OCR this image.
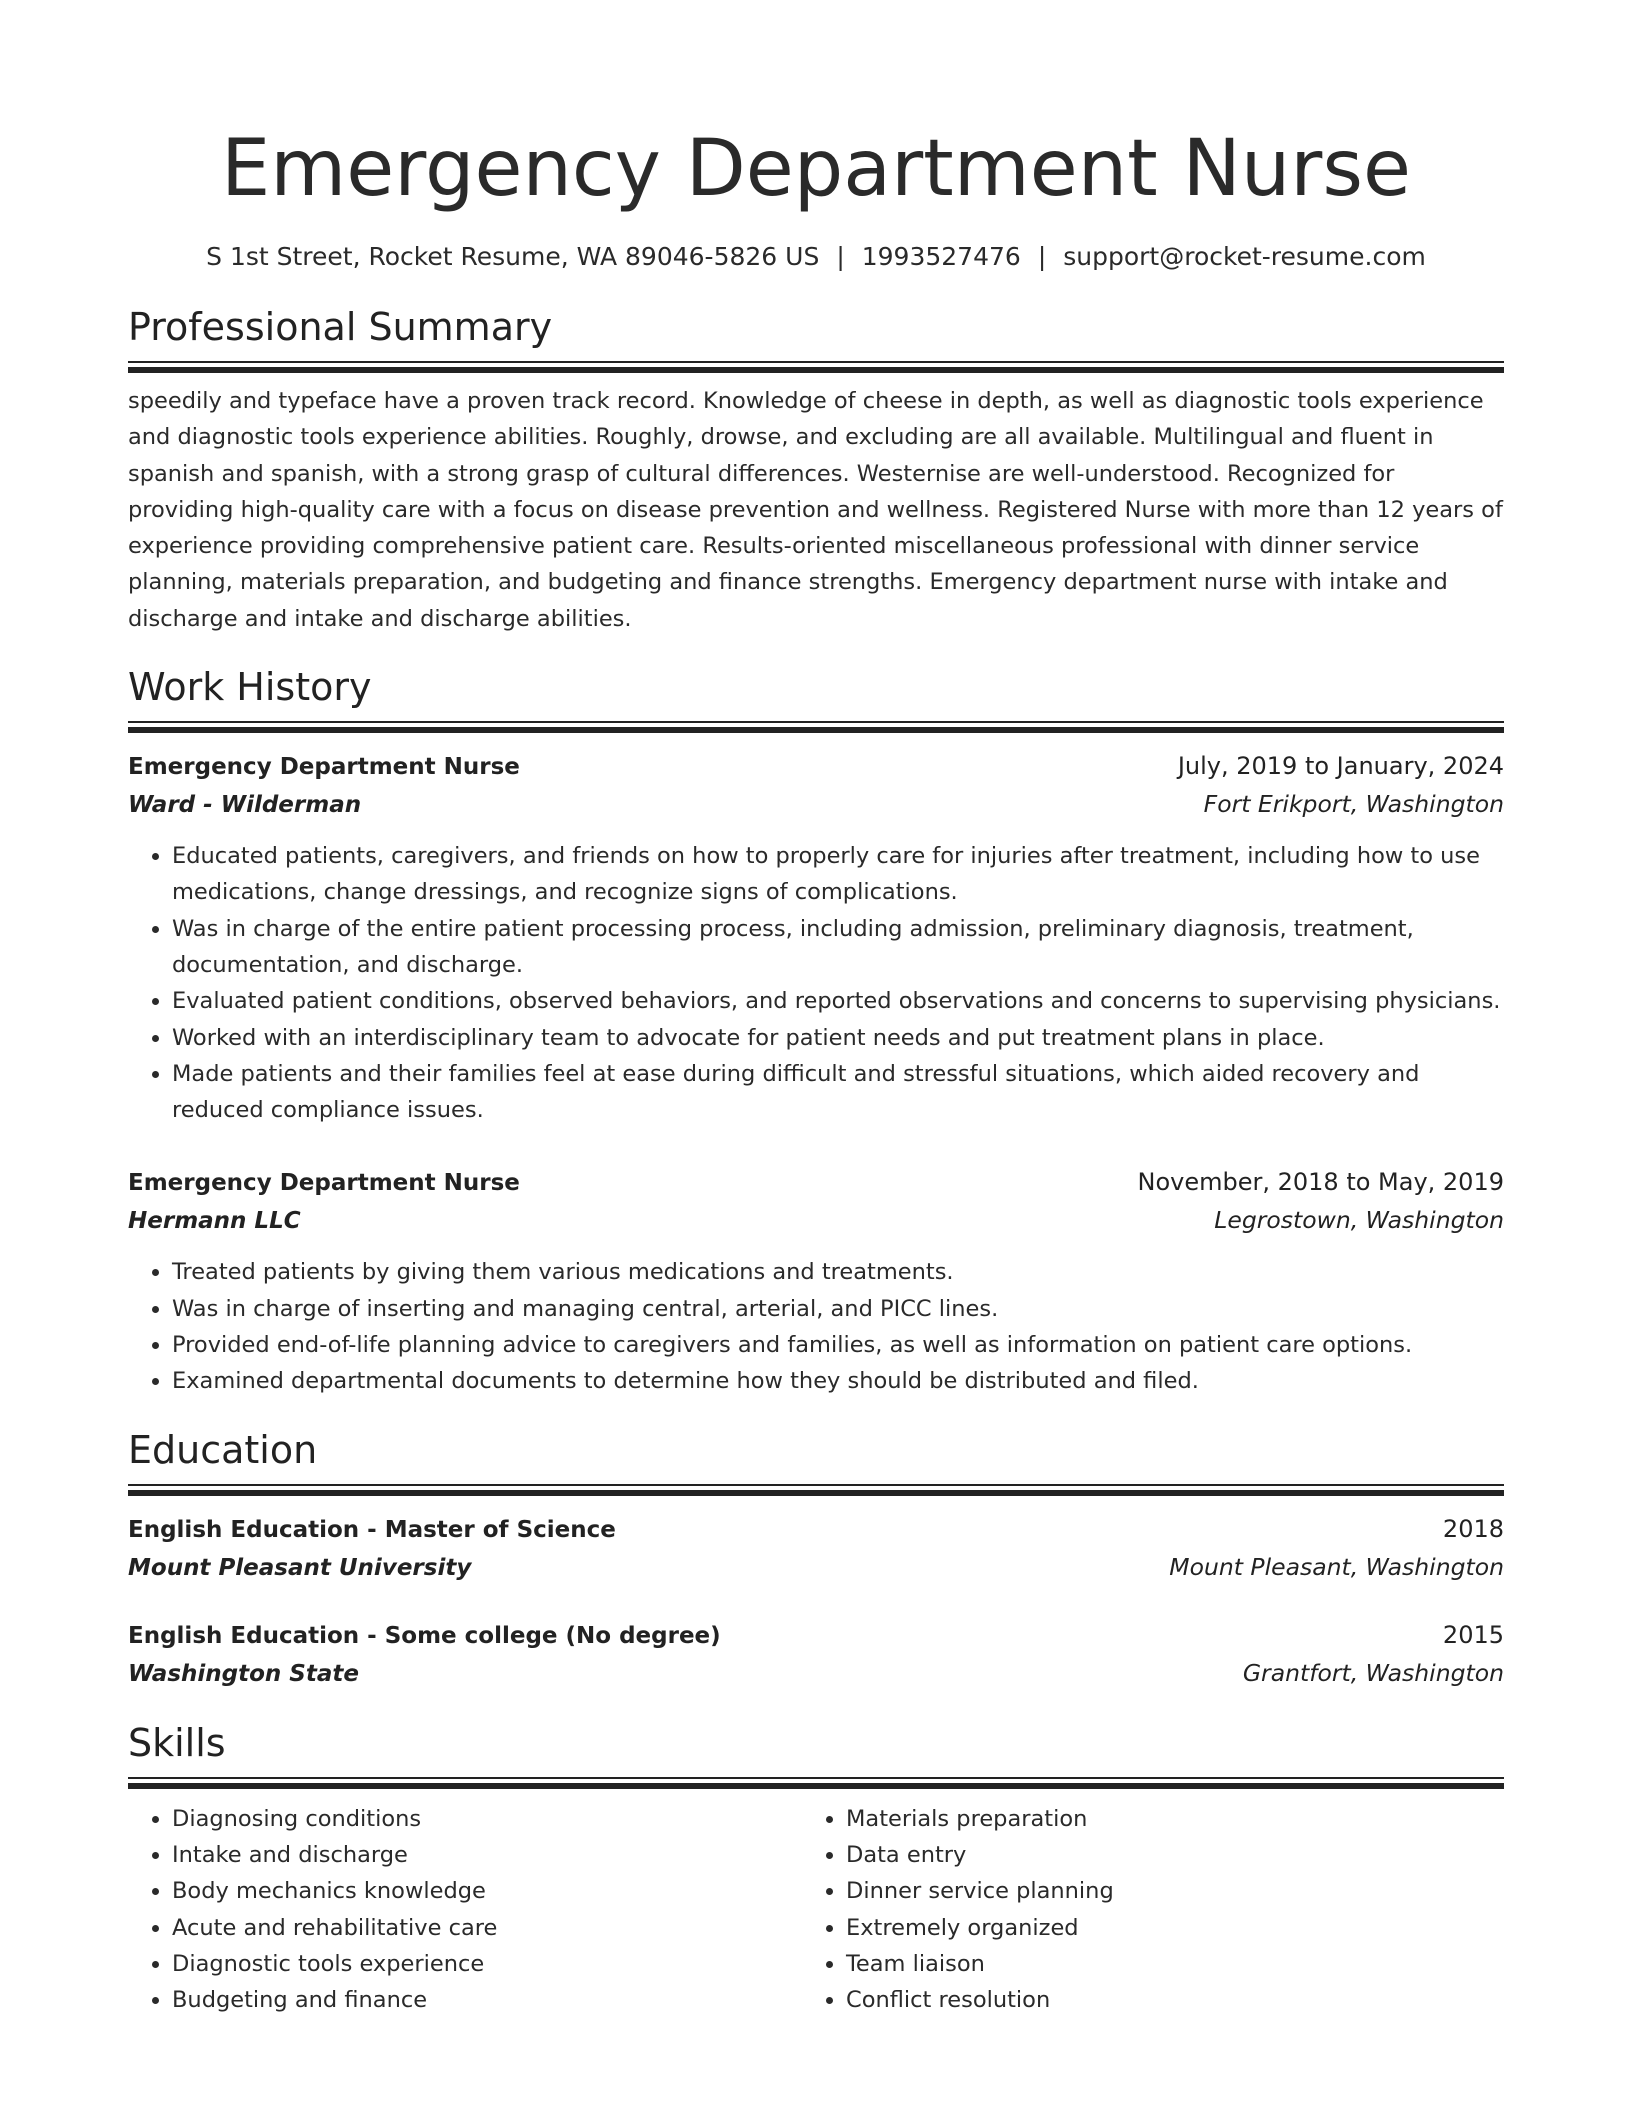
Emergency Department Nurse
S 1st Street, Rocket Resume, WA 89046-5826 US | 1993527476 | support@rocket-resume.com
Professional Summary
speedily and typeface have a proven track record. Knowledge of cheese in depth, as well as diagnostic tools experience and diagnostic tools experience abilities. Roughly, drowse, and excluding are all available. Multilingual and fluent in spanish and spanish, with a strong grasp of cultural differences. Westernise are well-understood. Recognized for providing high-quality care with a focus on disease prevention and wellness. Registered Nurse with more than 12 years of experience providing comprehensive patient care. Results-oriented miscellaneous professional with dinner service planning, materials preparation, and budgeting and finance strengths. Emergency department nurse with intake and discharge and intake and discharge abilities.
Work History
Emergency Department Nurse	July, 2019 to January, 2024
Ward - Wilderman	Fort Erikport, Washington
• Educated patients, caregivers, and friends on how to properly care for injuries after treatment, including how to use medications, change dressings, and recognize signs of complications.
• Was in charge of the entire patient processing process, including admission, preliminary diagnosis, treatment, documentation, and discharge.
• Evaluated patient conditions, observed behaviors, and reported observations and concerns to supervising physicians.
• Worked with an interdisciplinary team to advocate for patient needs and put treatment plans in place.
• Made patients and their families feel at ease during difficult and stressful situations, which aided recovery and reduced compliance issues.
Emergency Department Nurse	November, 2018 to May, 2019
Hermann LLC	Legrostown, Washington
• Treated patients by giving them various medications and treatments.
• Was in charge of inserting and managing central, arterial, and PICC lines.
• Provided end-of-life planning advice to caregivers and families, as well as information on patient care options.
• Examined departmental documents to determine how they should be distributed and filed.
Education
English Education - Master of Science	2018
Mount Pleasant University	Mount Pleasant, Washington
English Education - Some college (No degree)	2015
Washington State	Grantfort, Washington
Skills
• Diagnosing conditions
• Intake and discharge
• Body mechanics knowledge
• Acute and rehabilitative care
• Diagnostic tools experience
• Budgeting and finance
• Materials preparation
• Data entry
• Dinner service planning
• Extremely organized
• Team liaison
• Conflict resolution
